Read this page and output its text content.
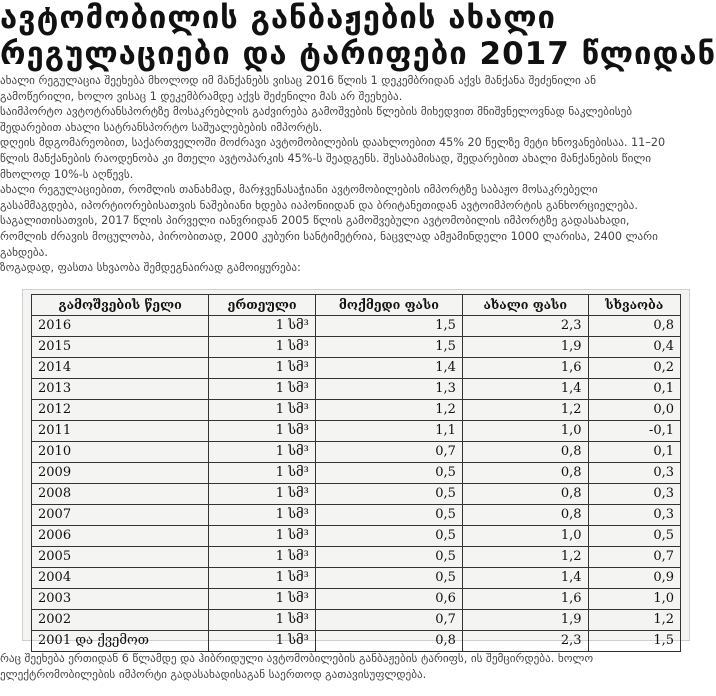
ავტომობილის განბაჟების ახალი
რეგულაციები და ტარიფები 2017 წლიდან

ახალი რეგულაცია შეეხება მხოლოდ იმ მანქანებს ვისაც 2016 წლის 1 დეკემბრიდან აქვს მანქანა შეძენილი ან

გამოწერილი, ხოლო ვისაც 1 დეკემბრამდე აქვს შეძენილი მას არ შეეხება.

საიმპორტო ავტოტრანსპორტზე მოსაკრებლის გაძვირება გამოშვების წლების მიხედვით მნიშვნელოვნად ნაკლებისებ

შედარებით ახალი სატრანსპორტო საშუალებების იმპორტს.

დღეის მდგომარეობით, საქართველოში მოძრავი ავტომობილების დაახლოებით 45% 20 წელზე მეტი ხნოვანებისაა. 11–20

წლის მანქანების რაოდენობა კი მთელი ავტოპარკის 45%-ს შეადგენს. შესაბამისად, შედარებით ახალი მანქანების წილი

მხოლოდ 10%-ს აღწევს.

ახალი რეგულაციებით, რომლის თანახმად, მარჯვენასაჭიანი ავტომობილების იმპორტზე საბაჟო მოსაკრებელი

გასამმაგდება, იპორტიორებისათვის ნაშებიანი ხდება იაპონიიდან და ბრიტანეთიდან ავტოიმპორტის განხორციელება.

საგალითისათვის, 2017 წლის პირველი იანვრიდან 2005 წლის გამოშვებული ავტომობილის იმპორტზე გადასახადი,

რომლის ძრავის მოცულობა, პირობითად, 2000 კუბური სანტიმეტრია, ნაცვლად ამჟამინდელი 1000 ლარისა, 2400 ლარი

გახდება.

ზოგადად, ფასთა სხვაობა შემდეგნაირად გამოიყურება:

გამოშვების წელი	ერთეული	მოქმედი ფასი	ახალი ფასი	სხვაობა
2016	1 სმ³	1,5	2,3	0,8
2015	1 სმ³	1,5	1,9	0,4
2014	1 სმ³	1,4	1,6	0,2
2013	1 სმ³	1,3	1,4	0,1
2012	1 სმ³	1,2	1,2	0,0
2011	1 სმ³	1,1	1,0	-0,1
2010	1 სმ³	0,7	0,8	0,1
2009	1 სმ³	0,5	0,8	0,3
2008	1 სმ³	0,5	0,8	0,3
2007	1 სმ³	0,5	0,8	0,3
2006	1 სმ³	0,5	1,0	0,5
2005	1 სმ³	0,5	1,2	0,7
2004	1 სმ³	0,5	1,4	0,9
2003	1 სმ³	0,6	1,6	1,0
2002	1 სმ³	0,7	1,9	1,2
2001 და ქვემოთ	1 სმ³	0,8	2,3	1,5

რაც შეეხება ერთიდან 6 წლამდე და ჰიბრიდული ავტომობილების განბაჟების ტარიფს, ის შემცირდება. ხოლო

ელექტრომობილების იმპორტი გადასახადისაგან საერთოდ გათავისუფლდება.
